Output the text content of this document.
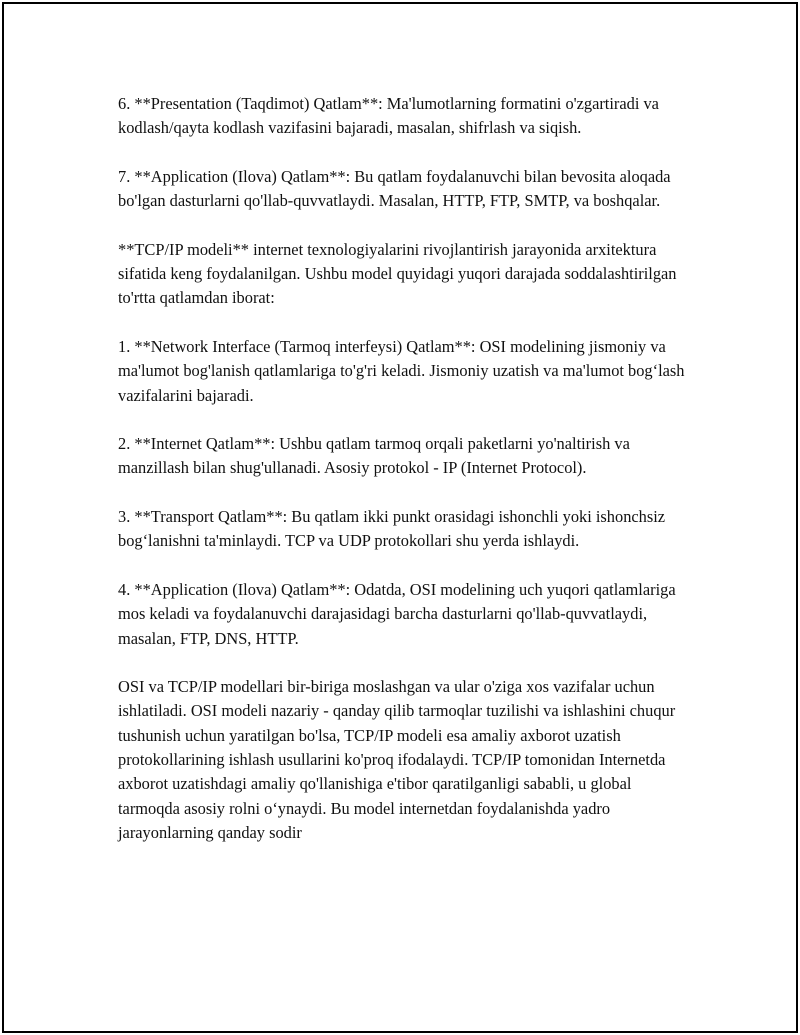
6. **Presentation (Taqdimot) Qatlam**: Ma'lumotlarning formatini o'zgartiradi va kodlash/qayta kodlash vazifasini bajaradi, masalan, shifrlash va siqish.

7. **Application (Ilova) Qatlam**: Bu qatlam foydalanuvchi bilan bevosita aloqada bo'lgan dasturlarni qo'llab-quvvatlaydi. Masalan, HTTP, FTP, SMTP, va boshqalar.

**TCP/IP modeli** internet texnologiyalarini rivojlantirish jarayonida arxitektura sifatida keng foydalanilgan. Ushbu model quyidagi yuqori darajada soddalashtirilgan to'rtta qatlamdan iborat:

1. **Network Interface (Tarmoq interfeysi) Qatlam**: OSI modelining jismoniy va ma'lumot bog'lanish qatlamlariga to'g'ri keladi. Jismoniy uzatish va ma'lumot bog‘lash vazifalarini bajaradi.

2. **Internet Qatlam**: Ushbu qatlam tarmoq orqali paketlarni yo'naltirish va manzillash bilan shug'ullanadi. Asosiy protokol - IP (Internet Protocol).

3. **Transport Qatlam**: Bu qatlam ikki punkt orasidagi ishonchli yoki ishonchsiz bog‘lanishni ta'minlaydi. TCP va UDP protokollari shu yerda ishlaydi.

4. **Application (Ilova) Qatlam**: Odatda, OSI modelining uch yuqori qatlamlariga mos keladi va foydalanuvchi darajasidagi barcha dasturlarni qo'llab-quvvatlaydi, masalan, FTP, DNS, HTTP.

OSI va TCP/IP modellari bir-biriga moslashgan va ular o'ziga xos vazifalar uchun ishlatiladi. OSI modeli nazariy - qanday qilib tarmoqlar tuzilishi va ishlashini chuqur tushunish uchun yaratilgan bo'lsa, TCP/IP modeli esa amaliy axborot uzatish protokollarining ishlash usullarini ko'proq ifodalaydi. TCP/IP tomonidan Internetda axborot uzatishdagi amaliy qo'llanishiga e'tibor qaratilganligi sababli, u global tarmoqda asosiy rolni o‘ynaydi. Bu model internetdan foydalanishda yadro jarayonlarning qanday sodir
